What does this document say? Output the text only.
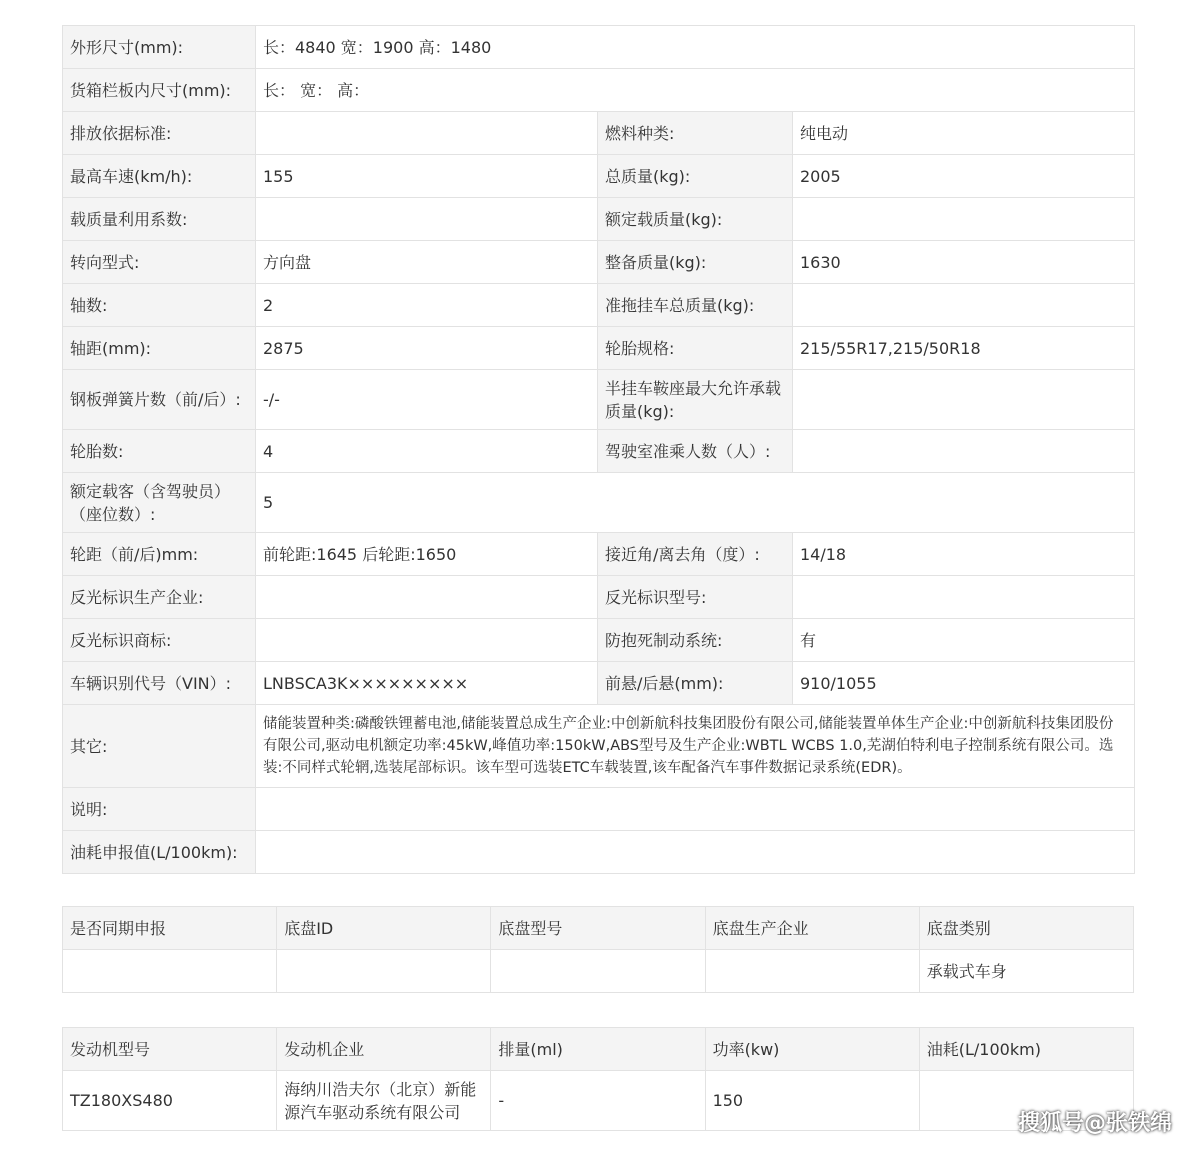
外形尺寸(mm):	长：4840 宽：1900 高：1480		
货箱栏板内尺寸(mm):	长： 宽： 高：		
排放依据标准:		燃料种类:	纯电动
最高车速(km/h):	155	总质量(kg):	2005
载质量利用系数:		额定载质量(kg):	
转向型式:	方向盘	整备质量(kg):	1630
轴数:	2	准拖挂车总质量(kg):	
轴距(mm):	2875	轮胎规格:	215/55R17,215/50R18
钢板弹簧片数（前/后）:	-/-	半挂车鞍座最大允许承载质量(kg):	
轮胎数:	4	驾驶室准乘人数（人）:	
额定载客（含驾驶员）（座位数）:	5		
轮距（前/后)mm:	前轮距:1645 后轮距:1650	接近角/离去角（度）:	14/18
反光标识生产企业:		反光标识型号:	
反光标识商标:		防抱死制动系统:	有
车辆识别代号（VIN）:	LNBSCA3K×××××××××	前悬/后悬(mm):	910/1055
其它:	储能装置种类:磷酸铁锂蓄电池,储能装置总成生产企业:中创新航科技集团股份有限公司,储能装置单体生产企业:中创新航科技集团股份有限公司,驱动电机额定功率:45kW,峰值功率:150kW,ABS型号及生产企业:WBTL WCBS 1.0,芜湖伯特利电子控制系统有限公司。选装:不同样式轮辋,选装尾部标识。该车型可选装ETC车载装置,该车配备汽车事件数据记录系统(EDR)。		
说明:			
油耗申报值(L/100km):			
是否同期申报	底盘ID	底盘型号	底盘生产企业	底盘类别
				承载式车身
发动机型号	发动机企业	排量(ml)	功率(kw)	油耗(L/100km)
TZ180XS480	海纳川浩夫尔（北京）新能源汽车驱动系统有限公司	-	150	
搜狐号@张铁绵
